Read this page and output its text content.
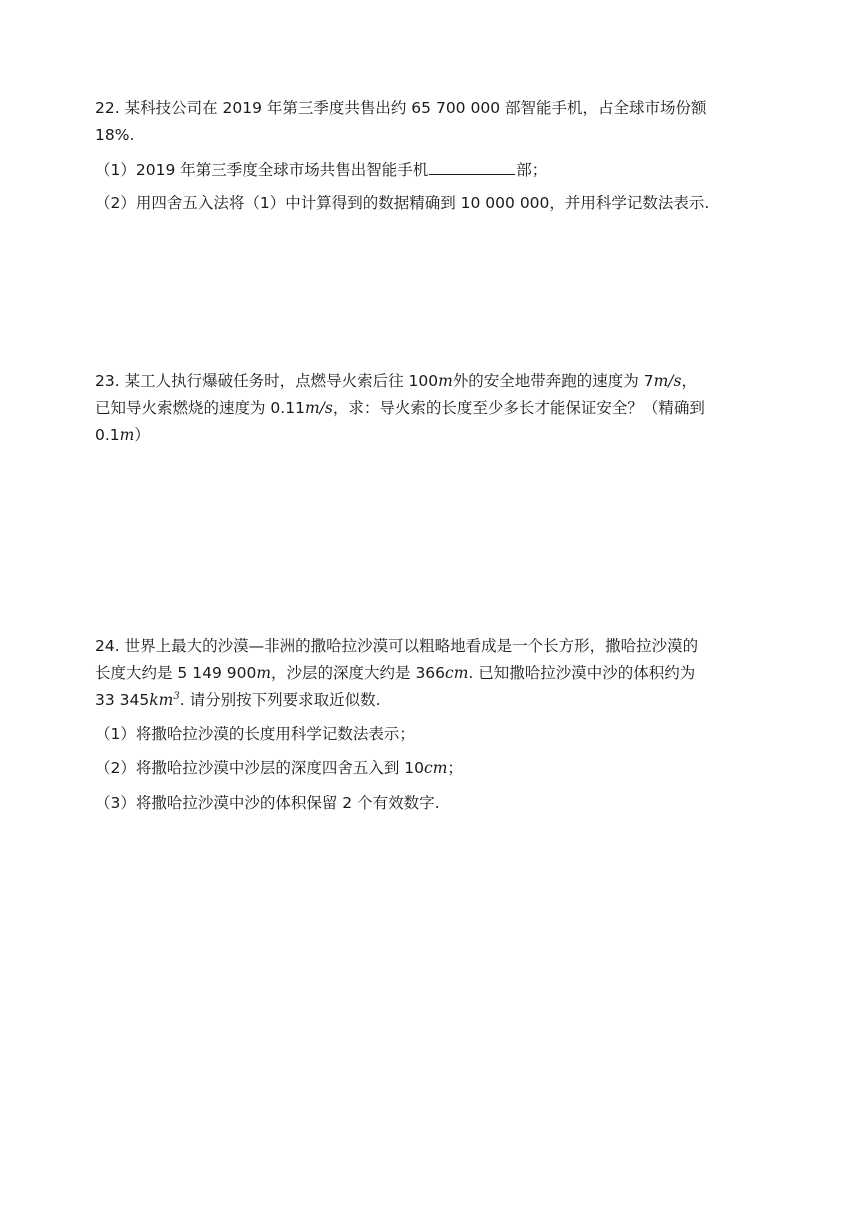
22. 某科技公司在 2019 年第三季度共售出约 65 700 000 部智能手机，占全球市场份额
18%.
（1）2019 年第三季度全球市场共售出智能手机	部；
（2）用四舍五入法将（1）中计算得到的数据精确到 10 000 000，并用科学记数法表示.
23. 某工人执行爆破任务时，点燃导火索后往 100m外的安全地带奔跑的速度为 7m/s，
已知导火索燃烧的速度为 0.11m/s，求：导火索的长度至少多长才能保证安全？（精确到
0.1m）
24. 世界上最大的沙漠—非洲的撒哈拉沙漠可以粗略地看成是一个长方形，撒哈拉沙漠的
长度大约是 5 149 900m，沙层的深度大约是 366cm. 已知撒哈拉沙漠中沙的体积约为
33 $345km^3$. 请分别按下列要求取近似数.
（1）将撒哈拉沙漠的长度用科学记数法表示；
（2）将撒哈拉沙漠中沙层的深度四舍五入到 10cm；
（3）将撒哈拉沙漠中沙的体积保留 2 个有效数字.
